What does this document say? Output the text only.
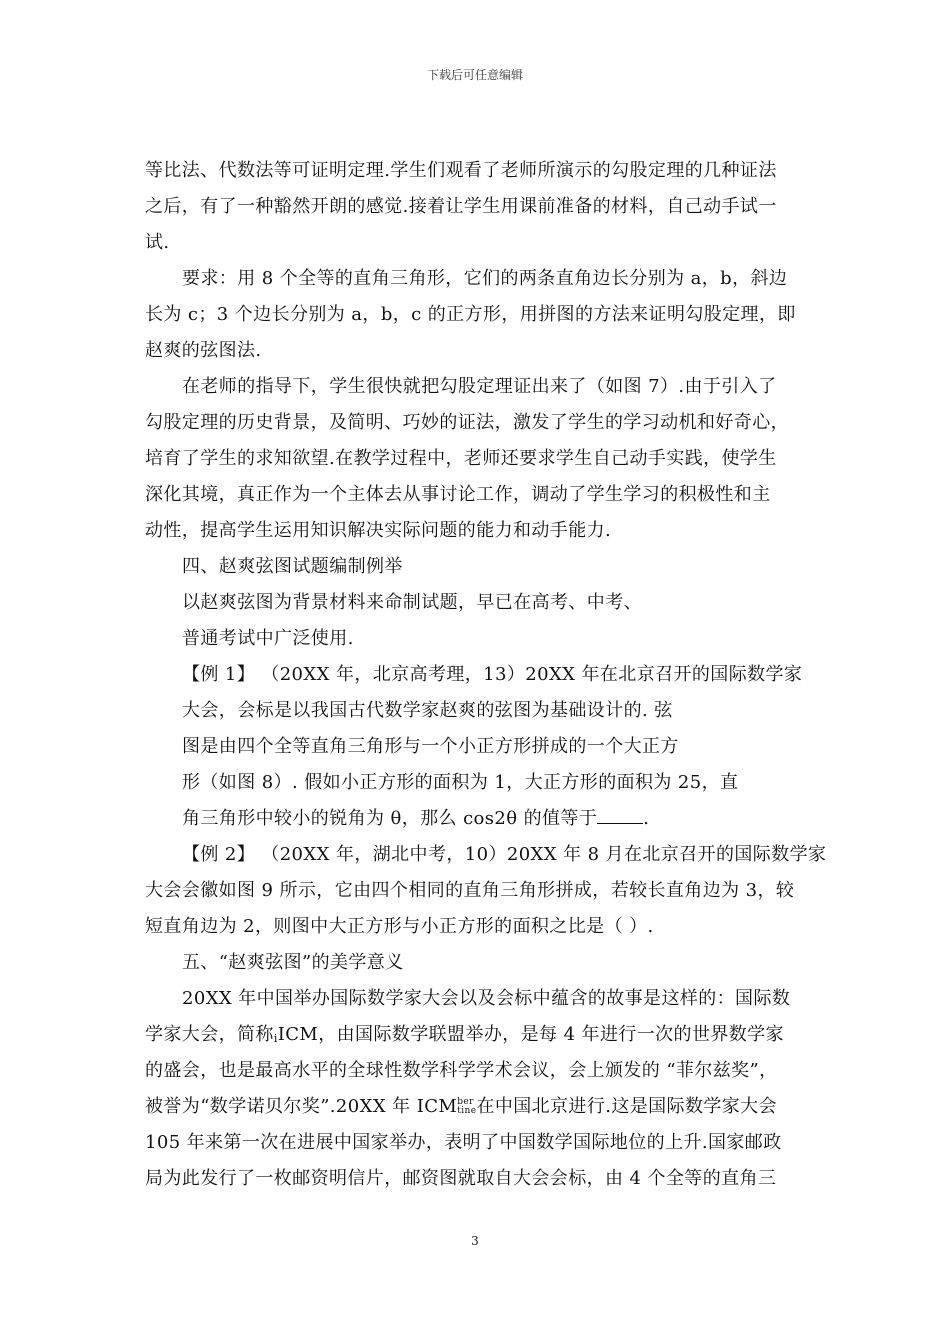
下载后可任意编辑
等比法、代数法等可证明定理.学生们观看了老师所演示的勾股定理的几种证法
之后，有了一种豁然开朗的感觉.接着让学生用课前准备的材料，自己动手试一
试.
要求：用 8 个全等的直角三角形，它们的两条直角边长分别为 a，b，斜边
长为 c；3 个边长分别为 a，b，c 的正方形，用拼图的方法来证明勾股定理，即
赵爽的弦图法.
在老师的指导下，学生很快就把勾股定理证出来了（如图 7）.由于引入了
勾股定理的历史背景，及简明、巧妙的证法，激发了学生的学习动机和好奇心，
培育了学生的求知欲望.在教学过程中，老师还要求学生自己动手实践，使学生
深化其境，真正作为一个主体去从事讨论工作，调动了学生学习的积极性和主
动性，提高学生运用知识解决实际问题的能力和动手能力.
四、赵爽弦图试题编制例举
以赵爽弦图为背景材料来命制试题，早已在高考、中考、
普通考试中广泛使用.
【例 1】 （20XX 年，北京高考理，13）20XX 年在北京召开的国际数学家
大会，会标是以我国古代数学家赵爽的弦图为基础设计的. 弦
图是由四个全等直角三角形与一个小正方形拼成的一个大正方
形（如图 8）. 假如小正方形的面积为 1，大正方形的面积为 25，直
角三角形中较小的锐角为 θ，那么 cos2θ 的值等于	.
【例 2】 （20XX 年，湖北中考，10）20XX 年 8 月在北京召开的国际数学家
大会会徽如图 9 所示，它由四个相同的直角三角形拼成，若较长直角边为 3，较
短直角边为 2，则图中大正方形与小正方形的面积之比是（ ）.
五、“赵爽弦图”的美学意义
20XX 年中国举办国际数学家大会以及会标中蕴含的故事是这样的：国际数
学家大会，简称iICM，由国际数学联盟举办，是每 4 年进行一次的世界数学家
的盛会，也是最高水平的全球性数学科学学术会议，会上颁发的 “菲尔兹奖”，
被誉为“数学诺贝尔奖”.20XX 年 ICMber
tine在中国北京进行.这是国际数学家大会
105 年来第一次在进展中国家举办，表明了中国数学国际地位的上升.国家邮政
局为此发行了一枚邮资明信片，邮资图就取自大会会标，由 4 个全等的直角三
3
